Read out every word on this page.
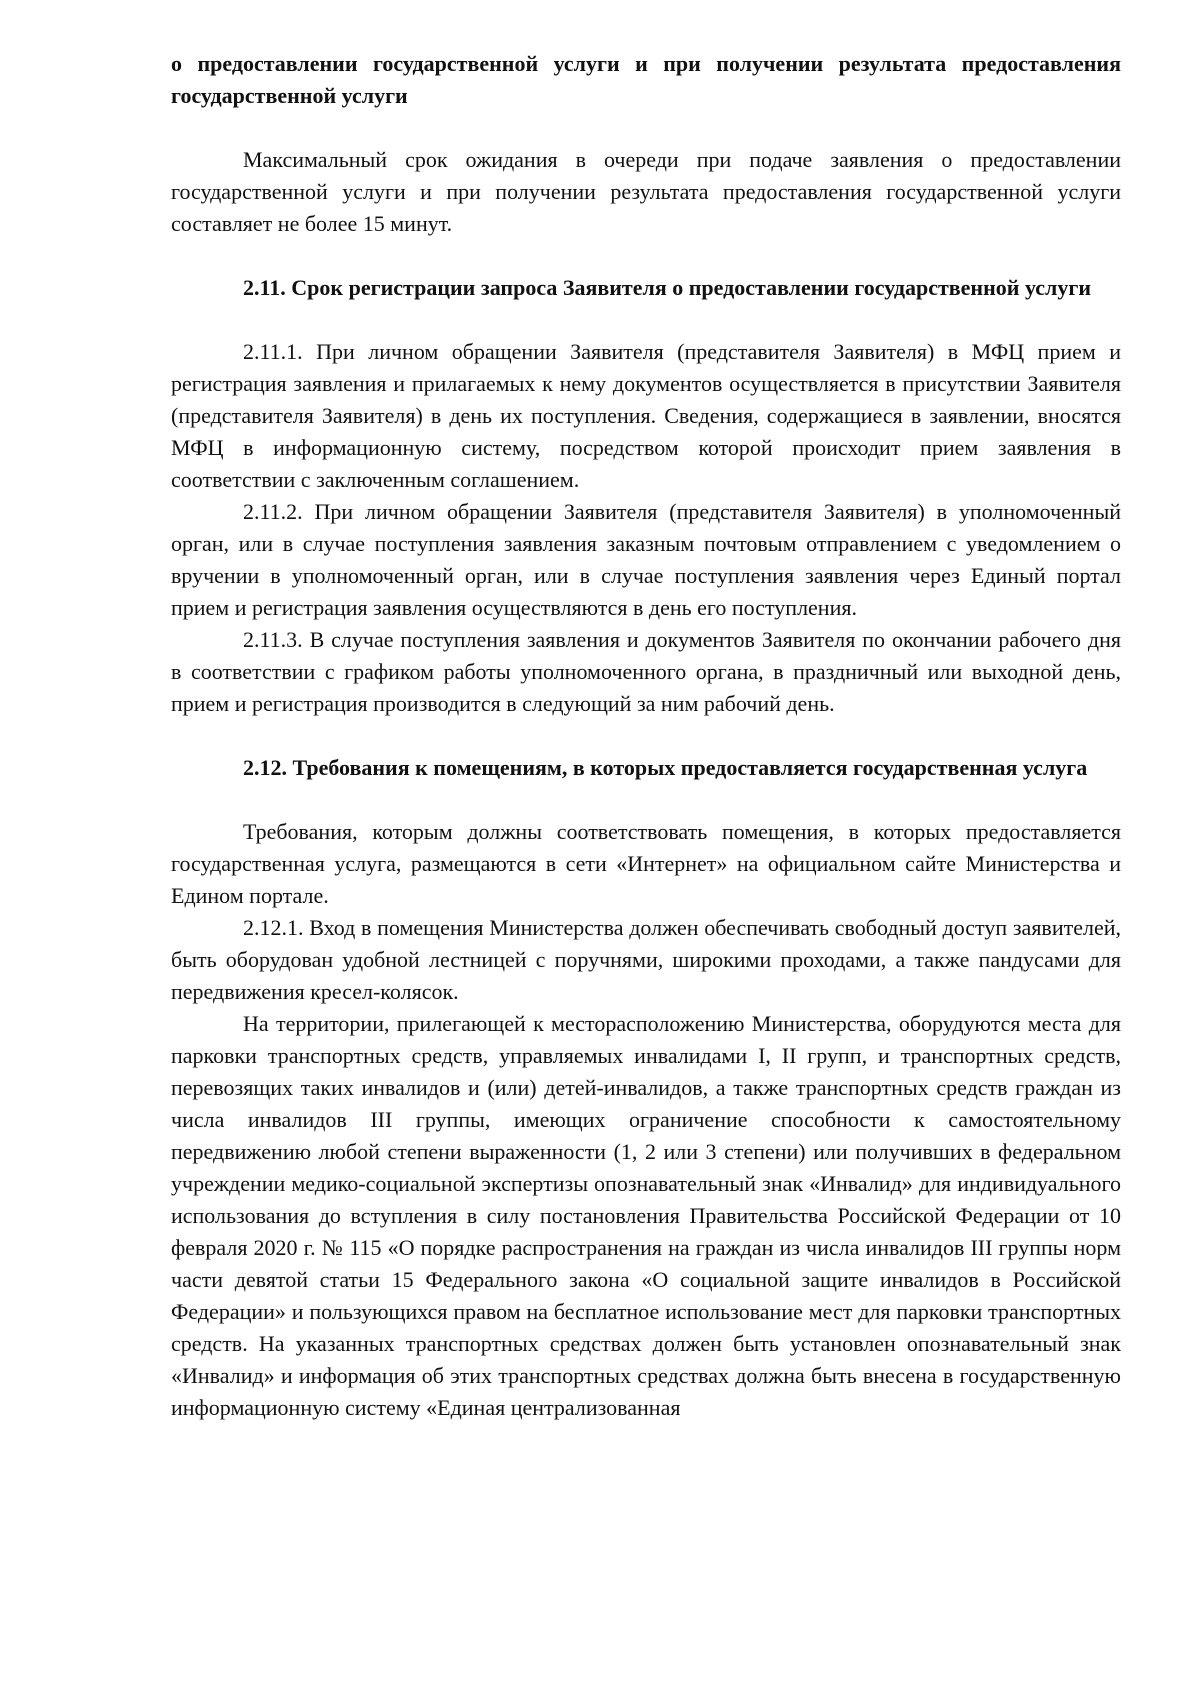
о предоставлении государственной услуги и при получении результата предоставления государственной услуги

Максимальный срок ожидания в очереди при подаче заявления о предоставлении государственной услуги и при получении результата предоставления государственной услуги составляет не более 15 минут.

2.11. Срок регистрации запроса Заявителя о предоставлении государственной услуги

2.11.1. При личном обращении Заявителя (представителя Заявителя) в МФЦ прием и регистрация заявления и прилагаемых к нему документов осуществляется в присутствии Заявителя (представителя Заявителя) в день их поступления. Сведения, содержащиеся в заявлении, вносятся МФЦ в информационную систему, посредством которой происходит прием заявления в соответствии с заключенным соглашением.

2.11.2. При личном обращении Заявителя (представителя Заявителя) в уполномоченный орган, или в случае поступления заявления заказным почтовым отправлением с уведомлением о вручении в уполномоченный орган, или в случае поступления заявления через Единый портал прием и регистрация заявления осуществляются в день его поступления.

2.11.3. В случае поступления заявления и документов Заявителя по окончании рабочего дня в соответствии с графиком работы уполномоченного органа, в праздничный или выходной день, прием и регистрация производится в следующий за ним рабочий день.

2.12. Требования к помещениям, в которых предоставляется государственная услуга

Требования, которым должны соответствовать помещения, в которых предоставляется государственная услуга, размещаются в сети «Интернет» на официальном сайте Министерства и Едином портале.

2.12.1. Вход в помещения Министерства должен обеспечивать свободный доступ заявителей, быть оборудован удобной лестницей с поручнями, широкими проходами, а также пандусами для передвижения кресел-колясок.

На территории, прилегающей к месторасположению Министерства, оборудуются места для парковки транспортных средств, управляемых инвалидами I, II групп, и транспортных средств, перевозящих таких инвалидов и (или) детей-инвалидов, а также транспортных средств граждан из числа инвалидов III группы, имеющих ограничение способности к самостоятельному передвижению любой степени выраженности (1, 2 или 3 степени) или получивших в федеральном учреждении медико-социальной экспертизы опознавательный знак «Инвалид» для индивидуального использования до вступления в силу постановления Правительства Российской Федерации от 10 февраля 2020 г. № 115 «О порядке распространения на граждан из числа инвалидов III группы норм части девятой статьи 15 Федерального закона «О социальной защите инвалидов в Российской Федерации» и пользующихся правом на бесплатное использование мест для парковки транспортных средств. На указанных транспортных средствах должен быть установлен опознавательный знак «Инвалид» и информация об этих транспортных средствах должна быть внесена в государственную информационную систему «Единая централизованная
